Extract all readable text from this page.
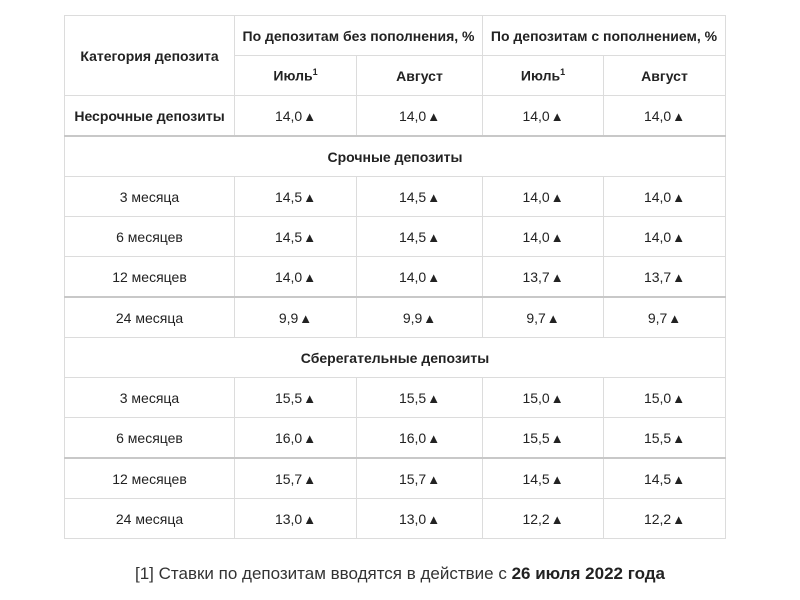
Категория депозита	По депозитам без пополнения, %		По депозитам с пополнением, %	
	Июль$^1$	Август	Июль$^1$	Август
Несрочные депозиты	14,0▲	14,0▲	14,0▲	14,0▲
Срочные депозиты				
3 месяца	14,5▲	14,5▲	14,0▲	14,0▲
6 месяцев	14,5▲	14,5▲	14,0▲	14,0▲
12 месяцев	14,0▲	14,0▲	13,7▲	13,7▲
24 месяца	9,9▲	9,9▲	9,7▲	9,7▲
Сберегательные депозиты				
3 месяца	15,5▲	15,5▲	15,0▲	15,0▲
6 месяцев	16,0▲	16,0▲	15,5▲	15,5▲
12 месяцев	15,7▲	15,7▲	14,5▲	14,5▲
24 месяца	13,0▲	13,0▲	12,2▲	12,2▲
[1] Ставки по депозитам вводятся в действие с 26 июля 2022 года
